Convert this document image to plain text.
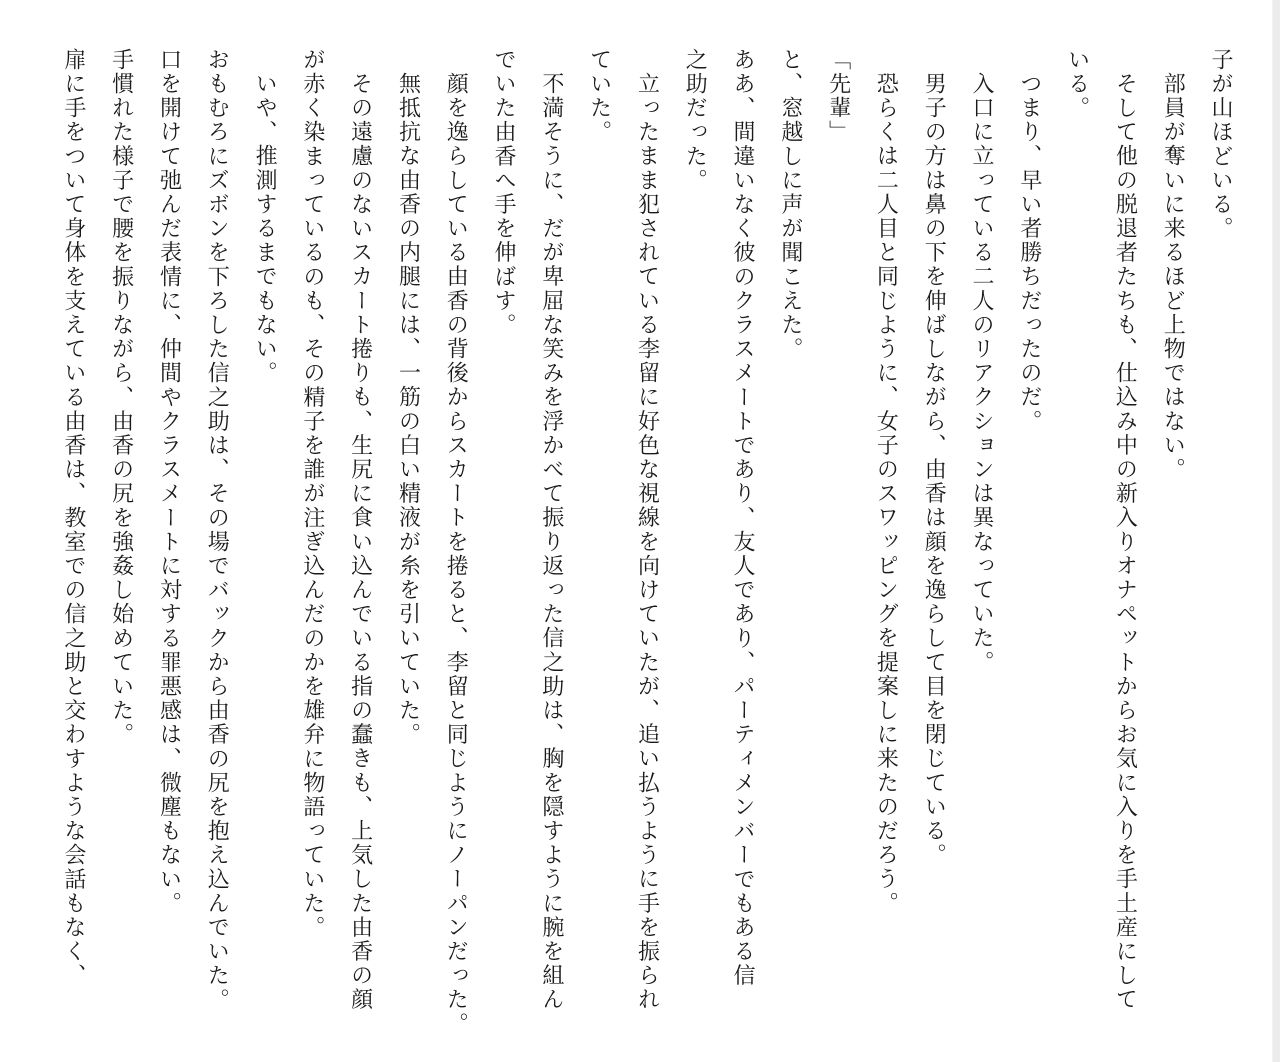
子が山ほどいる。
部員が奪いに来るほど上物ではない。
そして他の脱退者たちも、仕込み中の新入りオナペットからお気に入りを手土産にして
いる。
つまり、早い者勝ちだったのだ。
入口に立っている二人のリアクションは異なっていた。
男子の方は鼻の下を伸ばしながら、由香は顔を逸らして目を閉じている。
恐らくは二人目と同じように、女子のスワッピングを提案しに来たのだろう。
「先輩」
と、窓越しに声が聞こえた。
ああ、間違いなく彼のクラスメートであり、友人であり、パーティメンバーでもある信
之助だった。
立ったまま犯されている李留に好色な視線を向けていたが、追い払うように手を振られ
ていた。
不満そうに、だが卑屈な笑みを浮かべて振り返った信之助は、胸を隠すように腕を組ん
でいた由香へ手を伸ばす。
顔を逸らしている由香の背後からスカートを捲ると、李留と同じようにノーパンだった。
無抵抗な由香の内腿には、一筋の白い精液が糸を引いていた。
その遠慮のないスカート捲りも、生尻に食い込んでいる指の蠢きも、上気した由香の顔
が赤く染まっているのも、その精子を誰が注ぎ込んだのかを雄弁に物語っていた。
いや、推測するまでもない。
おもむろにズボンを下ろした信之助は、その場でバックから由香の尻を抱え込んでいた。
口を開けて弛んだ表情に、仲間やクラスメートに対する罪悪感は、微塵もない。
手慣れた様子で腰を振りながら、由香の尻を強姦し始めていた。
扉に手をついて身体を支えている由香は、教室での信之助と交わすような会話もなく、
